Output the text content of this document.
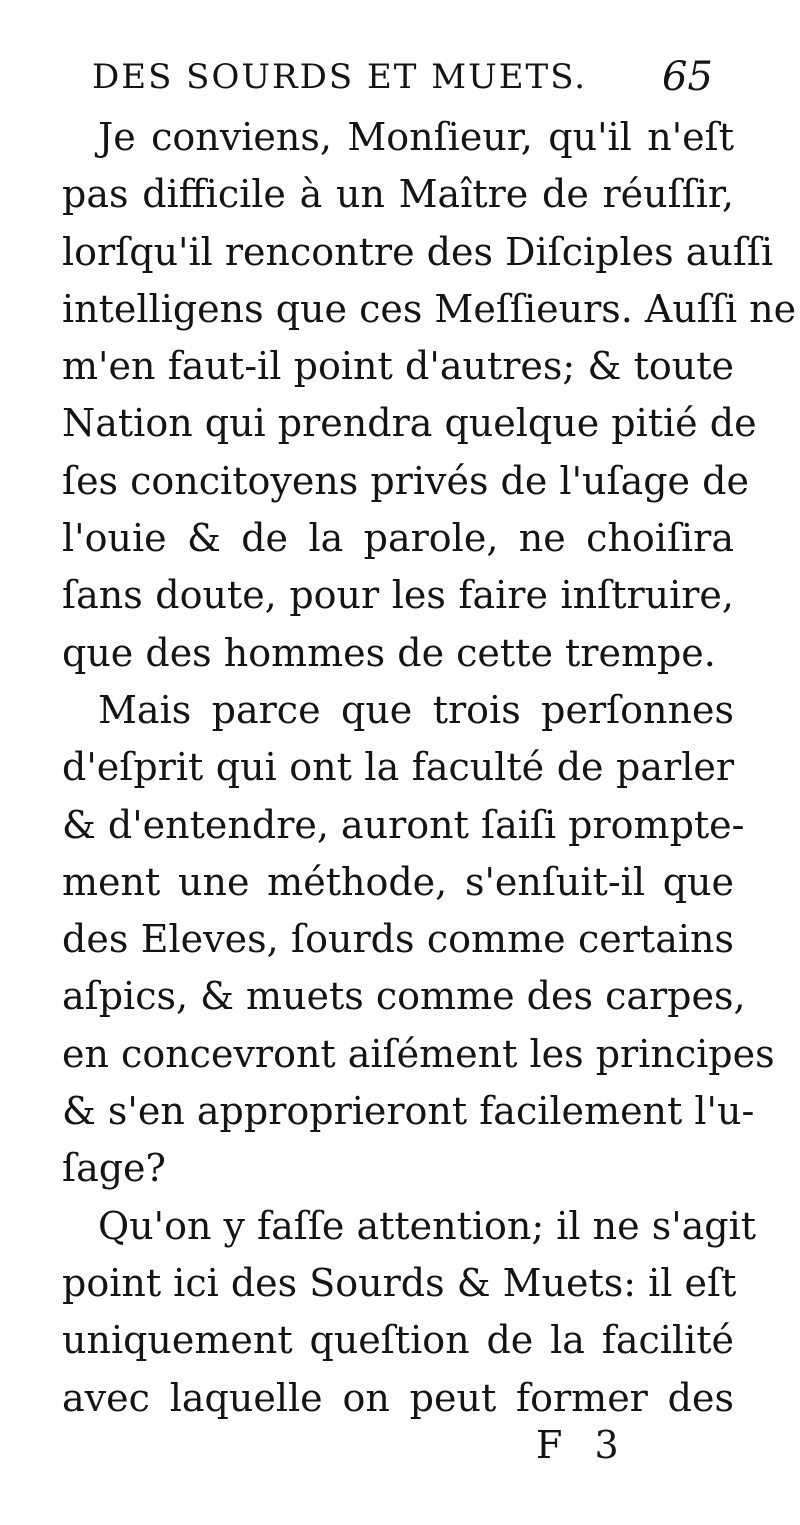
DES SOURDS ET MUETS.	65

Je conviens, Monſieur, qu'il n'eſt
pas difficile à un Maître de réuſſir,
lorſqu'il rencontre des Diſciples auſſi
intelligens que ces Meſſieurs. Auſſi ne
m'en faut-il point d'autres; & toute
Nation qui prendra quelque pitié de
ſes concitoyens privés de l'uſage de
l'ouie & de la parole, ne choiſira
ſans doute, pour les faire inſtruire,
que des hommes de cette trempe.

Mais parce que trois perſonnes
d'eſprit qui ont la faculté de parler
& d'entendre, auront ſaiſi prompte-
ment une méthode, s'enſuit-il que
des Eleves, ſourds comme certains
aſpics, & muets comme des carpes,
en concevront aiſément les principes
& s'en approprieront facilement l'u-
ſage?

Qu'on y faſſe attention; il ne s'agit
point ici des Sourds & Muets: il eſt
uniquement queſtion de la facilité
avec laquelle on peut former des

F 3
